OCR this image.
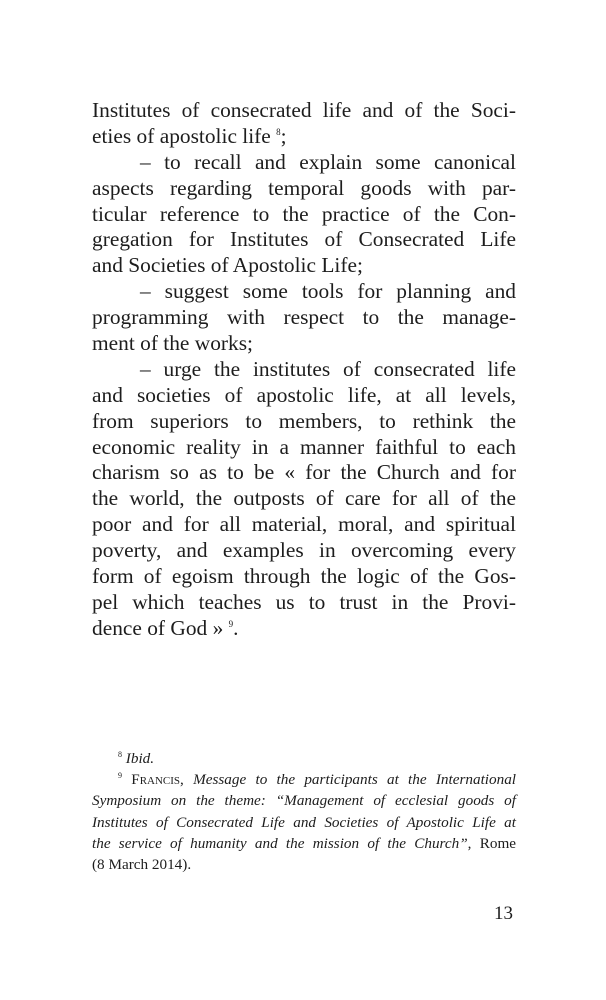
Institutes of consecrated life and of the Soci-
eties of apostolic life $^8$;
– to recall and explain some canonical
aspects regarding temporal goods with par-
ticular reference to the practice of the Con-
gregation for Institutes of Consecrated Life
and Societies of Apostolic Life;
– suggest some tools for planning and
programming with respect to the manage-
ment of the works;
– urge the institutes of consecrated life
and societies of apostolic life, at all levels,
from superiors to members, to rethink the
economic reality in a manner faithful to each
charism so as to be « for the Church and for
the world, the outposts of care for all of the
poor and for all material, moral, and spiritual
poverty, and examples in overcoming every
form of egoism through the logic of the Gos-
pel which teaches us to trust in the Provi-
dence of God » $^9$.
$^8$ Ibid.
$^9$ Francis, Message to the participants at the International
Symposium on the theme: “Management of ecclesial goods of
Institutes of Consecrated Life and Societies of Apostolic Life at
the service of humanity and the mission of the Church”, Rome
(8 March 2014).
13
